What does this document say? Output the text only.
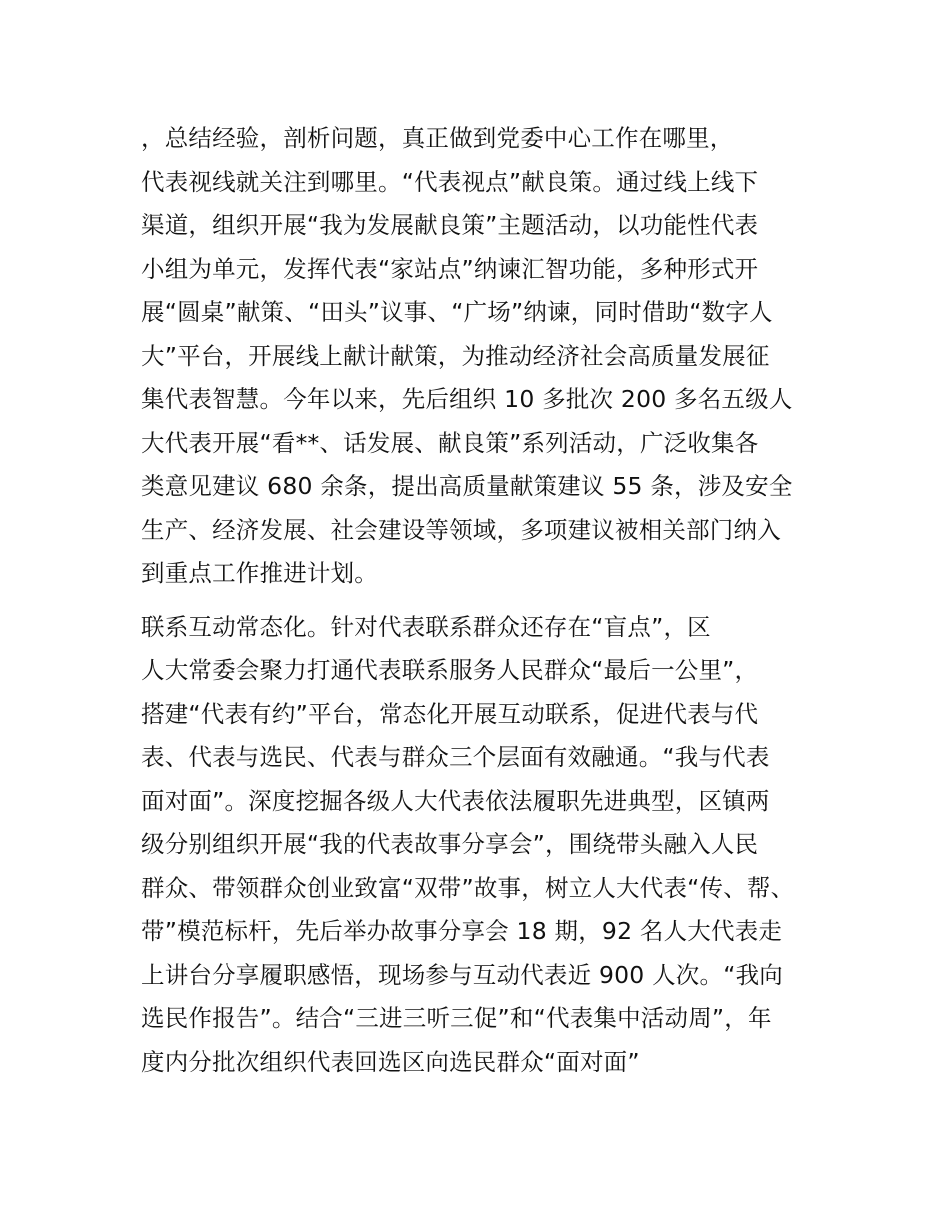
，总结经验，剖析问题，真正做到党委中心工作在哪里，
代表视线就关注到哪里。“代表视点”献良策。通过线上线下
渠道，组织开展“我为发展献良策”主题活动，以功能性代表
小组为单元，发挥代表“家站点”纳谏汇智功能，多种形式开
展“圆桌”献策、“田头”议事、“广场”纳谏，同时借助“数字人
大”平台，开展线上献计献策，为推动经济社会高质量发展征
集代表智慧。今年以来，先后组织 10 多批次 200 多名五级人
大代表开展“看**、话发展、献良策”系列活动，广泛收集各
类意见建议 680 余条，提出高质量献策建议 55 条，涉及安全
生产、经济发展、社会建设等领域，多项建议被相关部门纳入
到重点工作推进计划。
联系互动常态化。针对代表联系群众还存在“盲点”，区
人大常委会聚力打通代表联系服务人民群众“最后一公里”，
搭建“代表有约”平台，常态化开展互动联系，促进代表与代
表、代表与选民、代表与群众三个层面有效融通。“我与代表
面对面”。深度挖掘各级人大代表依法履职先进典型，区镇两
级分别组织开展“我的代表故事分享会”，围绕带头融入人民
群众、带领群众创业致富“双带”故事，树立人大代表“传、帮、
带”模范标杆，先后举办故事分享会 18 期，92 名人大代表走
上讲台分享履职感悟，现场参与互动代表近 900 人次。“我向
选民作报告”。结合“三进三听三促”和“代表集中活动周”，年
度内分批次组织代表回选区向选民群众“面对面”
